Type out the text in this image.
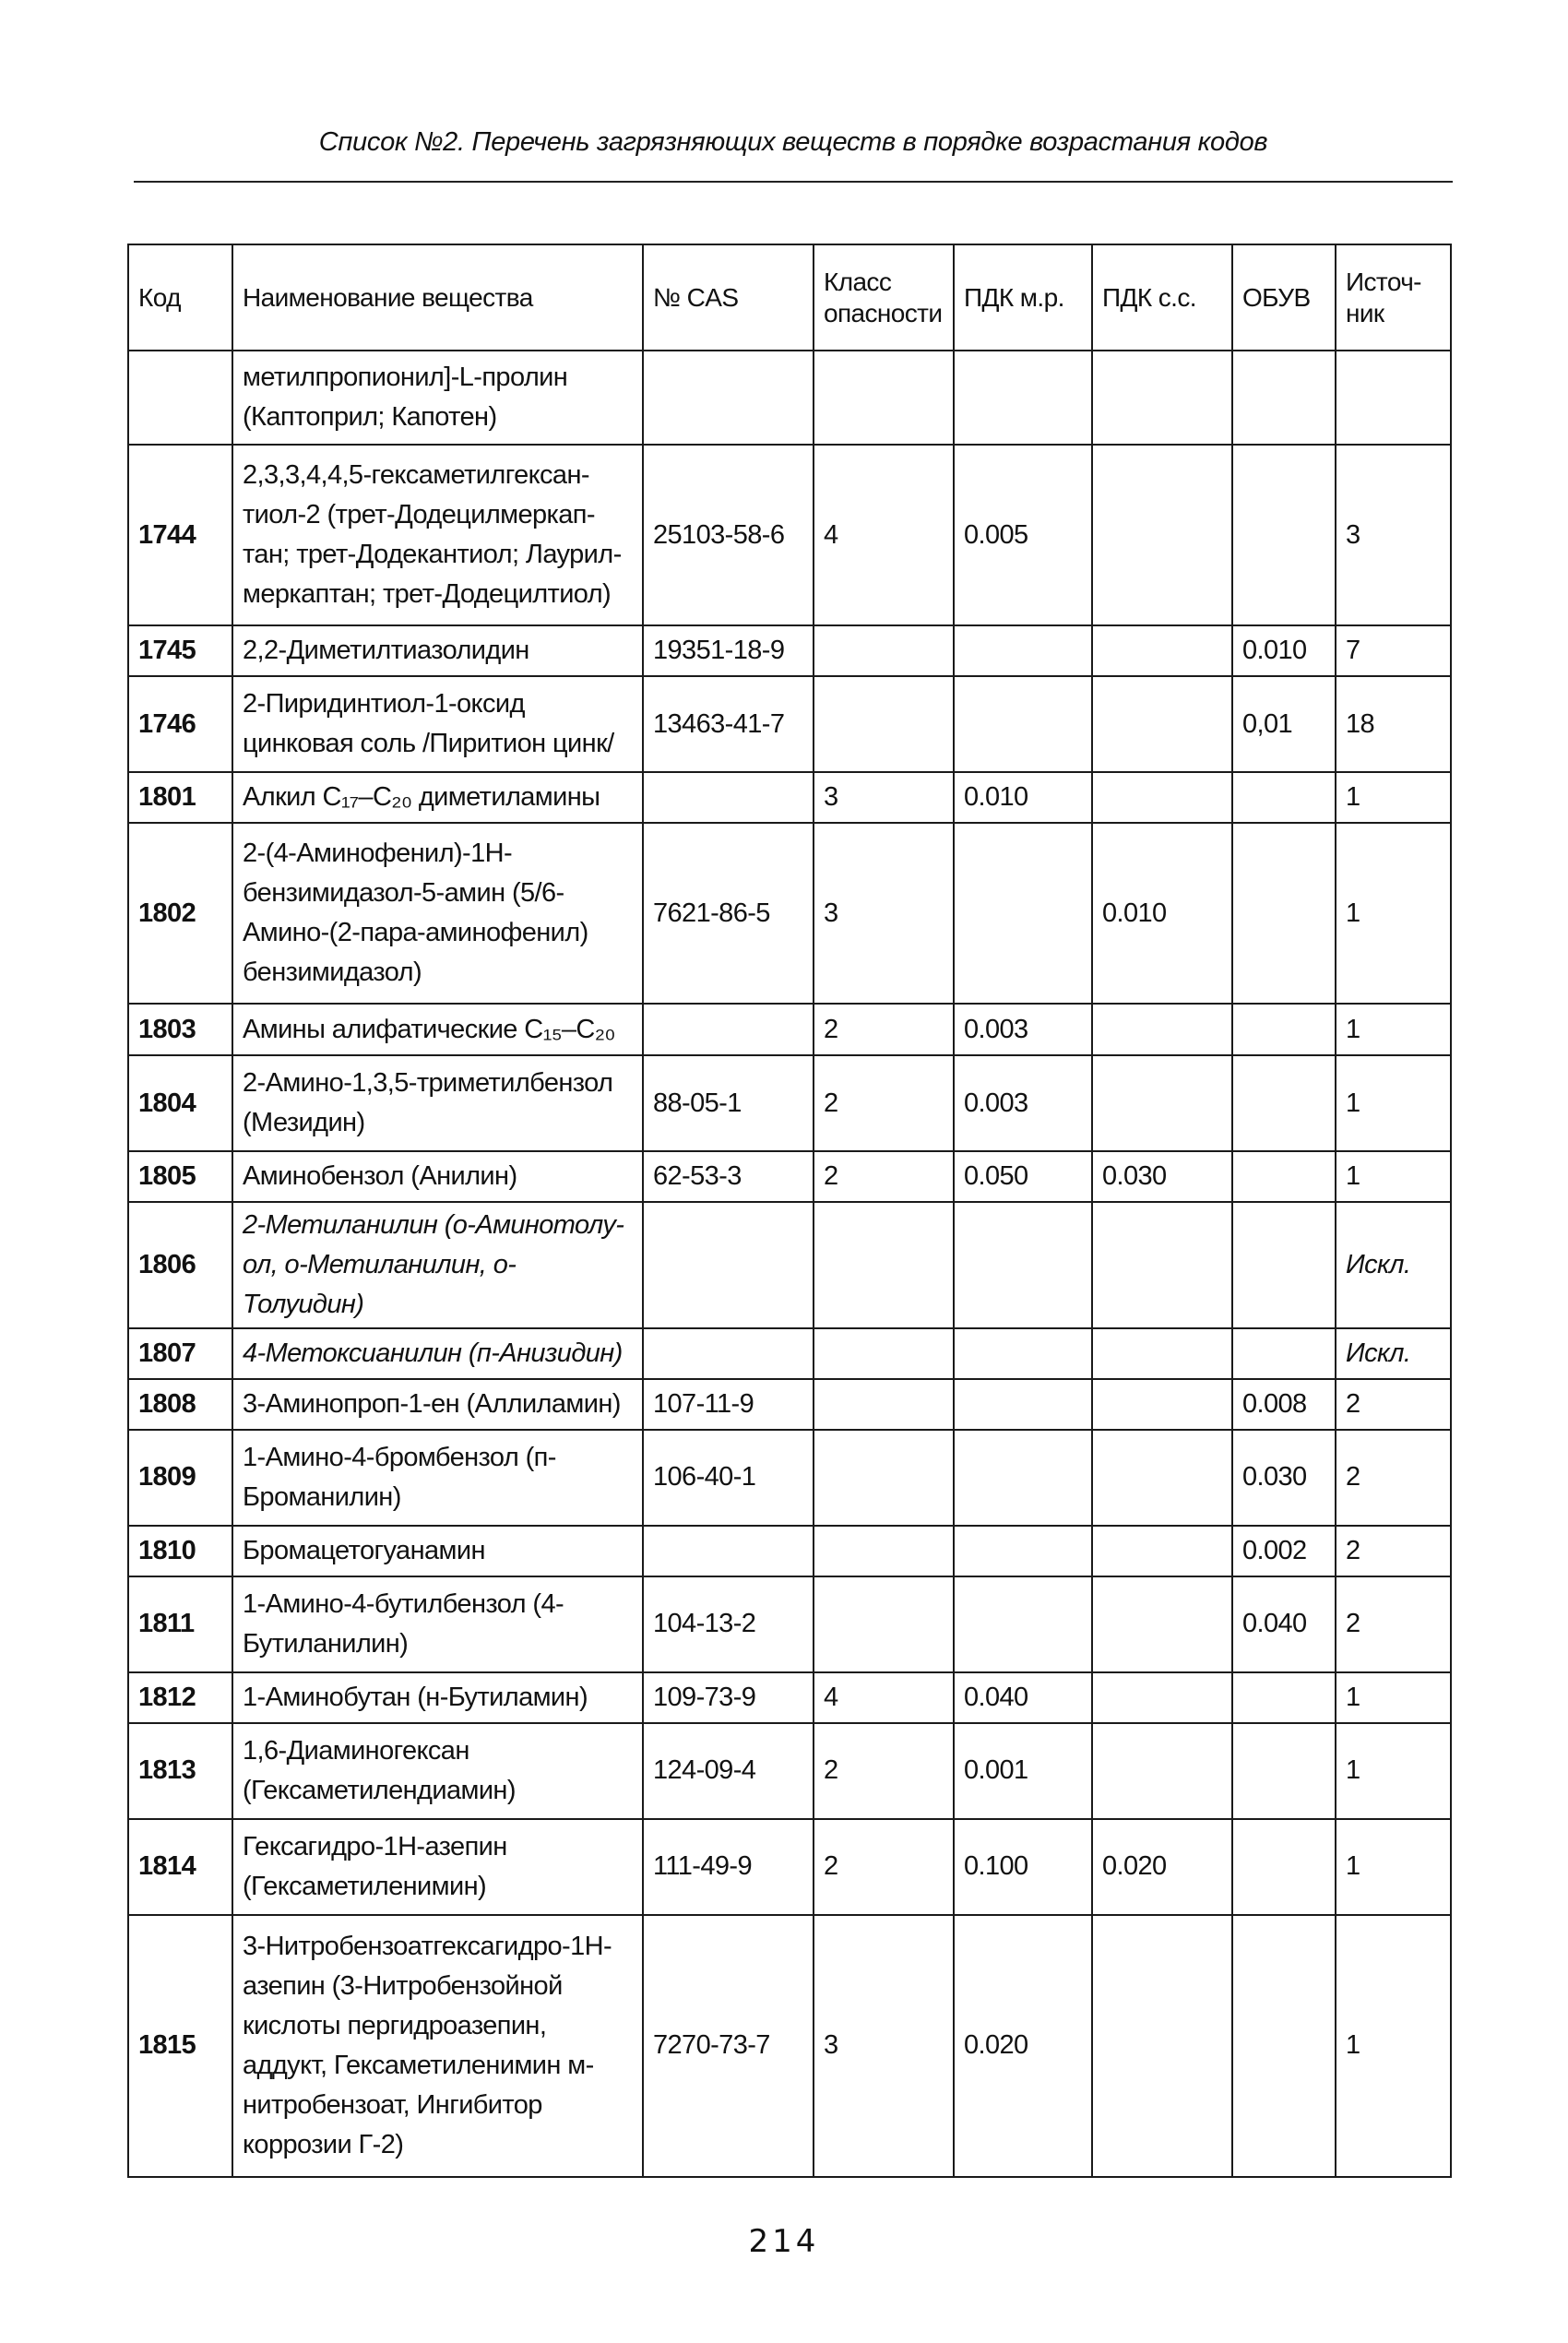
Список №2. Перечень загрязняющих веществ в порядке возрастания кодов
Код	Наименование вещества	№ CAS	Класс опасности	ПДК м.р.	ПДК с.с.	ОБУВ	Источ-ник
	метилпропионил]-L-пролин (Каптоприл; Капотен)						
1744	2,3,3,4,4,5-гексаметилгексан-тиол-2 (трет-Додецилмеркап-тан; трет-Додекантиол; Лаурил-меркаптан; трет-Додецилтиол)	25103-58-6	4	0.005			3
1745	2,2-Диметилтиазолидин	19351-18-9				0.010	7
1746	2-Пиридинтиол-1-оксид цинковая соль /Пиритион цинк/	13463-41-7				0,01	18
1801	Алкил C₁₇–C₂₀ диметиламины		3	0.010			1
1802	2-(4-Аминофенил)-1H-бензимидазол-5-амин (5/6-Амино-(2-пара-аминофенил) бензимидазол)	7621-86-5	3		0.010		1
1803	Амины алифатические C₁₅–C₂₀		2	0.003			1
1804	2-Амино-1,3,5-триметилбензол (Мезидин)	88-05-1	2	0.003			1
1805	Аминобензол (Анилин)	62-53-3	2	0.050	0.030		1
1806	2-Метиланилин (о-Аминотолу-ол, о-Метиланилин, о-Толуидин)						Искл.
1807	4-Метоксианилин (п-Анизидин)						Искл.
1808	3-Аминопроп-1-ен (Аллиламин)	107-11-9				0.008	2
1809	1-Амино-4-бромбензол (п-Броманилин)	106-40-1				0.030	2
1810	Бромацетогуанамин					0.002	2
1811	1-Амино-4-бутилбензол (4-Бутиланилин)	104-13-2				0.040	2
1812	1-Аминобутан (н-Бутиламин)	109-73-9	4	0.040			1
1813	1,6-Диаминогексан (Гексаметилендиамин)	124-09-4	2	0.001			1
1814	Гексагидро-1H-азепин (Гексаметиленимин)	111-49-9	2	0.100	0.020		1
1815	3-Нитробензоатгексагидро-1H-азепин (3-Нитробензойной кислоты пергидроазепин, аддукт, Гексаметиленимин м-нитробензоат, Ингибитор коррозии Г-2)	7270-73-7	3	0.020			1
214
